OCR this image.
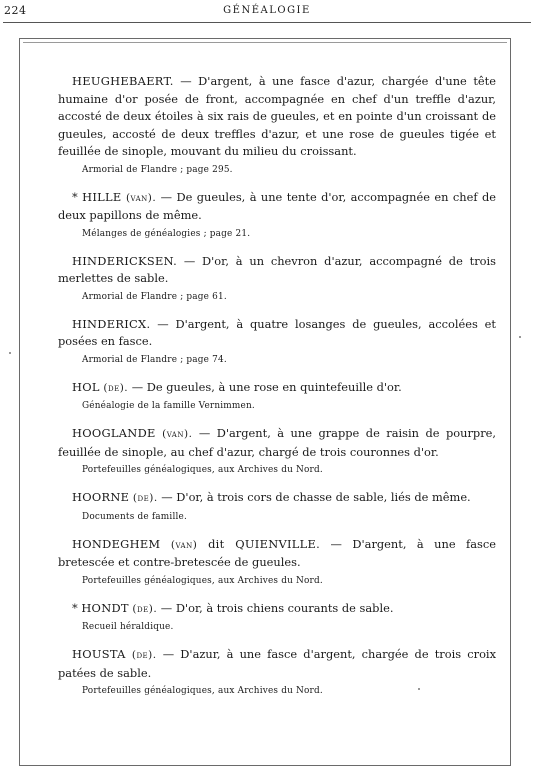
224	GÉNÉALOGIE

HEUGHEBAERT. — D'argent, à une fasce d'azur, chargée d'une tête humaine d'or posée de front, accompagnée en chef d'un treffle d'azur, accosté de deux étoiles à six rais de gueules, et en pointe d'un croissant de gueules, accosté de deux treffles d'azur, et une rose de gueules tigée et feuillée de sinople, mouvant du milieu du croissant.

Armorial de Flandre ; page 295.

* HILLE (van). — De gueules, à une tente d'or, accompagnée en chef de deux papillons de même.

Mélanges de généalogies ; page 21.

HINDERICKSEN. — D'or, à un chevron d'azur, accompagné de trois merlettes de sable.

Armorial de Flandre ; page 61.

HINDERICX. — D'argent, à quatre losanges de gueules, accolées et posées en fasce.

Armorial de Flandre ; page 74.

HOL (de). — De gueules, à une rose en quintefeuille d'or.

Généalogie de la famille Vernimmen.

HOOGLANDE (van). — D'argent, à une grappe de raisin de pourpre, feuillée de sinople, au chef d'azur, chargé de trois couronnes d'or.

Portefeuilles généalogiques, aux Archives du Nord.

HOORNE (de). — D'or, à trois cors de chasse de sable, liés de même.

Documents de famille.

HONDEGHEM (van) dit QUIENVILLE. — D'argent, à une fasce bretescée et contre-bretescée de gueules.

Portefeuilles généalogiques, aux Archives du Nord.

* HONDT (de). — D'or, à trois chiens courants de sable.

Recueil héraldique.

HOUSTA (de). — D'azur, à une fasce d'argent, chargée de trois croix patées de sable.

Portefeuilles généalogiques, aux Archives du Nord.
